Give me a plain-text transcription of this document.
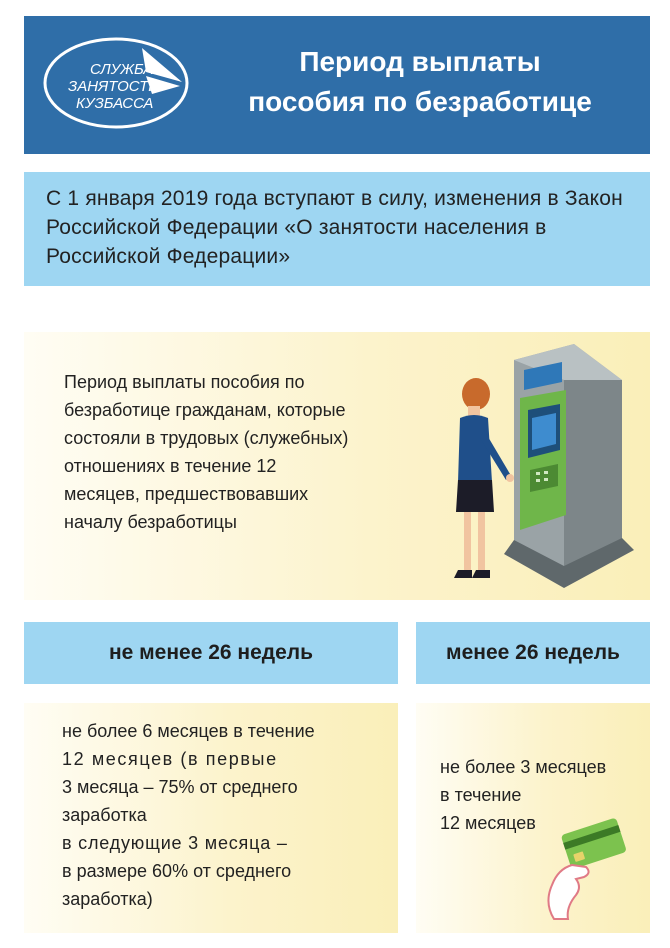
СЛУЖБА
ЗАНЯТОСТИ
КУЗБАССА
Период выплаты
пособия по безработице
С 1 января 2019 года вступают в силу, изменения в Закон Российской Федерации «О занятости населения в Российской Федерации»
Период выплаты пособия по безработице гражданам, которые состояли в трудовых (служебных) отношениях в течение 12 месяцев, предшествовавших началу безработицы
не менее 26 недель	менее 26 недель
не более 6 месяцев в течение
12 месяцев (в первые
3 месяца – 75% от среднего
заработка
в следующие 3 месяца –
в размере 60% от среднего
заработка)
не более 3 месяцев
в течение
12 месяцев
